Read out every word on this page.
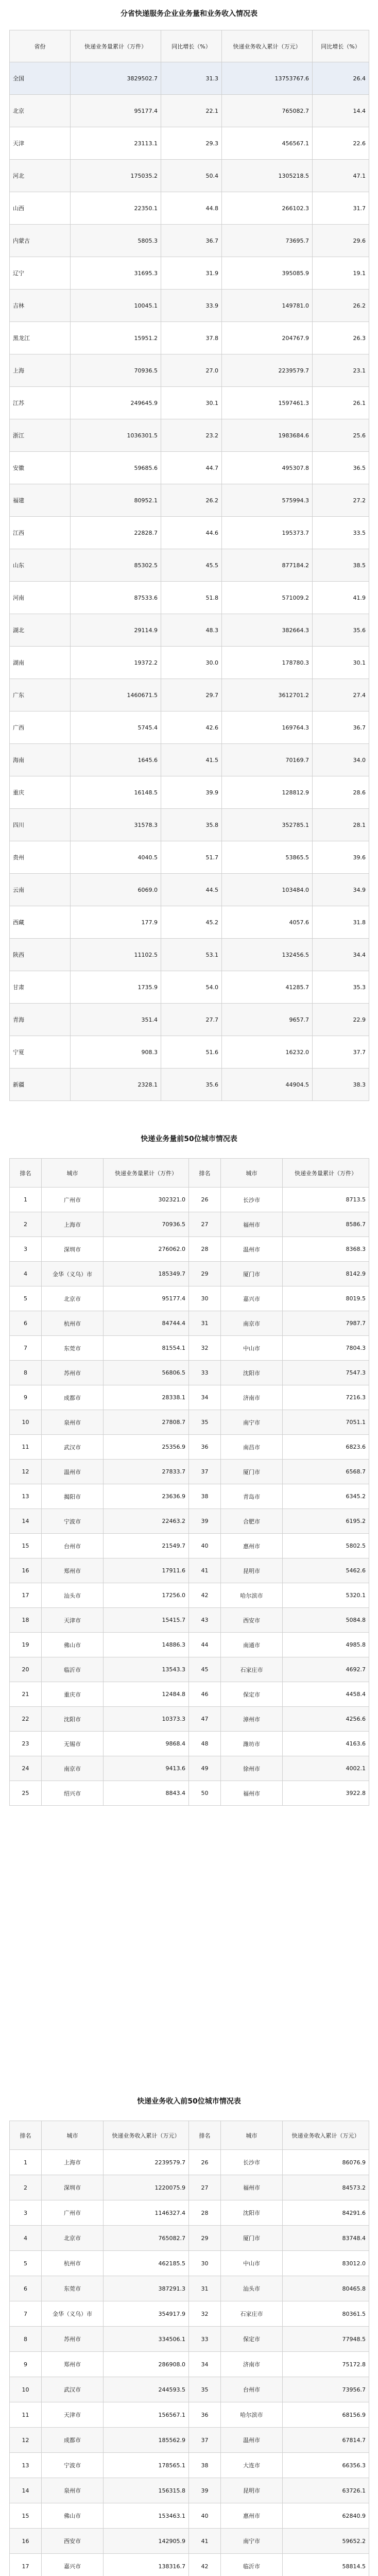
分省快递服务企业业务量和业务收入情况表
省份	快递业务量累计（万件）	同比增长（%）	快递业务收入累计（万元）	同比增长（%）
全国	3829502.7	31.3	13753767.6	26.4
北京	95177.4	22.1	765082.7	14.4
天津	23113.1	29.3	456567.1	22.6
河北	175035.2	50.4	1305218.5	47.1
山西	22350.1	44.8	266102.3	31.7
内蒙古	5805.3	36.7	73695.7	29.6
辽宁	31695.3	31.9	395085.9	19.1
吉林	10045.1	33.9	149781.0	26.2
黑龙江	15951.2	37.8	204767.9	26.3
上海	70936.5	27.0	2239579.7	23.1
江苏	249645.9	30.1	1597461.3	26.1
浙江	1036301.5	23.2	1983684.6	25.6
安徽	59685.6	44.7	495307.8	36.5
福建	80952.1	26.2	575994.3	27.2
江西	22828.7	44.6	195373.7	33.5
山东	85302.5	45.5	877184.2	38.5
河南	87533.6	51.8	571009.2	41.9
湖北	29114.9	48.3	382664.3	35.6
湖南	19372.2	30.0	178780.3	30.1
广东	1460671.5	29.7	3612701.2	27.4
广西	5745.4	42.6	169764.3	36.7
海南	1645.6	41.5	70169.7	34.0
重庆	16148.5	39.9	128812.9	28.6
四川	31578.3	35.8	352785.1	28.1
贵州	4040.5	51.7	53865.5	39.6
云南	6069.0	44.5	103484.0	34.9
西藏	177.9	45.2	4057.6	31.8
陕西	11102.5	53.1	132456.5	34.4
甘肃	1735.9	54.0	41285.7	35.3
青海	351.4	27.7	9657.7	22.9
宁夏	908.3	51.6	16232.0	37.7
新疆	2328.1	35.6	44904.5	38.3
快递业务量前50位城市情况表
排名	城市	快递业务量累计（万件）	排名	城市	快递业务量累计（万件）
1	广州市	302321.0	26	长沙市	8713.5
2	上海市	70936.5	27	福州市	8586.7
3	深圳市	276062.0	28	温州市	8368.3
4	金华（义乌）市	185349.7	29	厦门市	8142.9
5	北京市	95177.4	30	嘉兴市	8019.5
6	杭州市	84744.4	31	南京市	7987.7
7	东莞市	81554.1	32	中山市	7804.3
8	苏州市	56806.5	33	沈阳市	7547.3
9	成都市	28338.1	34	济南市	7216.3
10	泉州市	27808.7	35	南宁市	7051.1
11	武汉市	25356.9	36	南昌市	6823.6
12	温州市	27833.7	37	厦门市	6568.7
13	揭阳市	23636.9	38	青岛市	6345.2
14	宁波市	22463.2	39	合肥市	6195.2
15	台州市	21549.7	40	惠州市	5802.5
16	郑州市	17911.6	41	昆明市	5462.6
17	汕头市	17256.0	42	哈尔滨市	5320.1
18	天津市	15415.7	43	西安市	5084.8
19	佛山市	14886.3	44	南通市	4985.8
20	临沂市	13543.3	45	石家庄市	4692.7
21	重庆市	12484.8	46	保定市	4458.4
22	沈阳市	10373.3	47	漳州市	4256.6
23	无锡市	9868.4	48	潍坊市	4163.6
24	南京市	9413.6	49	徐州市	4002.1
25	绍兴市	8843.4	50	福州市	3922.8
快递业务收入前50位城市情况表
排名	城市	快递业务收入累计（万元）	排名	城市	快递业务收入累计（万元）
1	上海市	2239579.7	26	长沙市	86076.9
2	深圳市	1220075.9	27	福州市	84573.2
3	广州市	1146327.4	28	沈阳市	84291.6
4	北京市	765082.7	29	厦门市	83748.4
5	杭州市	462185.5	30	中山市	83012.0
6	东莞市	387291.3	31	汕头市	80465.8
7	金华（义乌）市	354917.9	32	石家庄市	80361.5
8	苏州市	334506.1	33	保定市	77948.5
9	郑州市	286908.0	34	济南市	75172.8
10	武汉市	244593.5	35	台州市	73956.7
11	天津市	156567.1	36	哈尔滨市	68156.9
12	成都市	185562.9	37	温州市	67814.7
13	宁波市	178565.1	38	大连市	66356.3
14	泉州市	156315.8	39	昆明市	63726.1
15	佛山市	153463.1	40	惠州市	62840.9
16	西安市	142905.9	41	南宁市	59652.2
17	嘉兴市	138316.7	42	临沂市	58814.5
